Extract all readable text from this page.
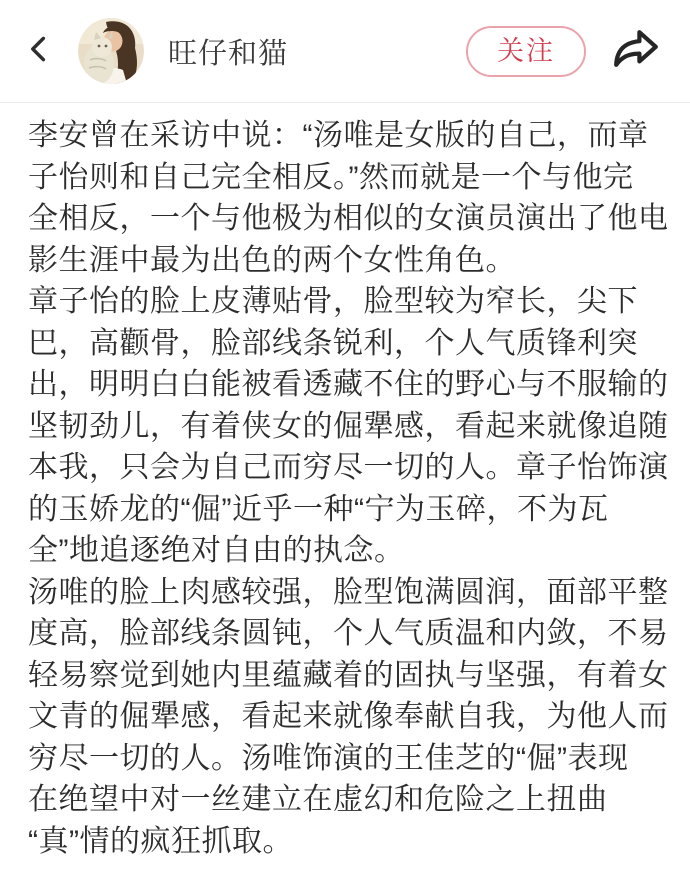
旺仔和猫	关注

李安曾在采访中说：“汤唯是女版的自己，而章
子怡则和自己完全相反。”然而就是一个与他完
全相反，一个与他极为相似的女演员演出了他电
影生涯中最为出色的两个女性角色。

章子怡的脸上皮薄贴骨，脸型较为窄长，尖下
巴，高颧骨，脸部线条锐利，个人气质锋利突
出，明明白白能被看透藏不住的野心与不服输的
坚韧劲儿，有着侠女的倔犟感，看起来就像追随
本我，只会为自己而穷尽一切的人。章子怡饰演
的玉娇龙的“倔”近乎一种“宁为玉碎，不为瓦
全”地追逐绝对自由的执念。

汤唯的脸上肉感较强，脸型饱满圆润，面部平整
度高，脸部线条圆钝，个人气质温和内敛，不易
轻易察觉到她内里蕴藏着的固执与坚强，有着女
文青的倔犟感，看起来就像奉献自我，为他人而
穷尽一切的人。汤唯饰演的王佳芝的“倔”表现
在绝望中对一丝建立在虚幻和危险之上扭曲
“真”情的疯狂抓取。
